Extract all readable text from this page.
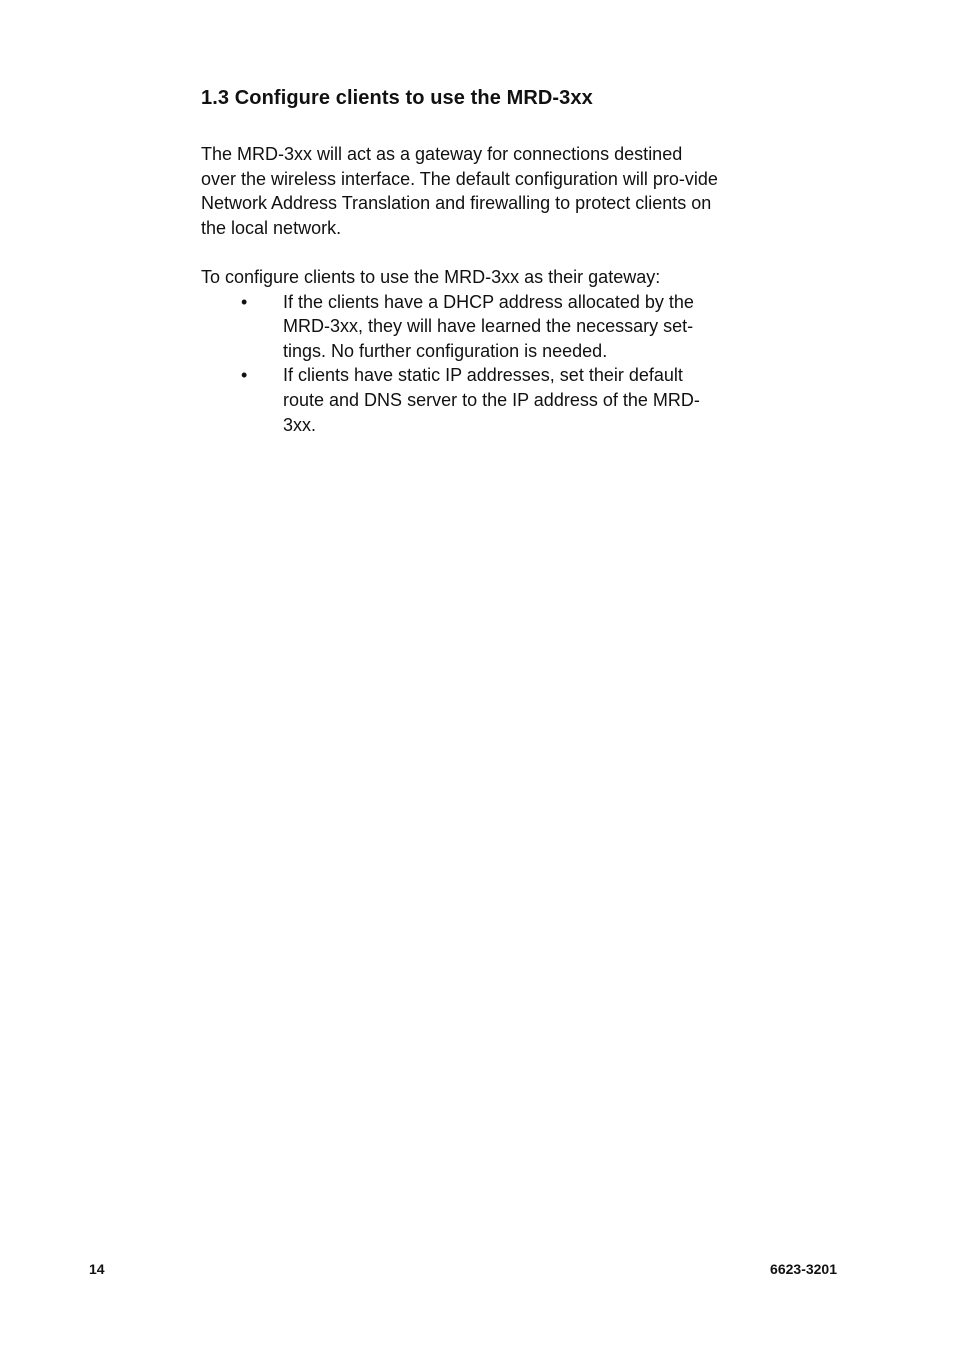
1.3 Configure clients to use the MRD-3xx

The MRD-3xx will act as a gateway for connections destined over the wireless interface. The default configuration will pro-vide Network Address Translation and firewalling to protect clients on the local network.

To configure clients to use the MRD-3xx as their gateway:

• If the clients have a DHCP address allocated by the MRD-3xx, they will have learned the necessary set-tings. No further configuration is needed.
• If clients have static IP addresses, set their default route and DNS server to the IP address of the MRD-3xx.
14	6623-3201
